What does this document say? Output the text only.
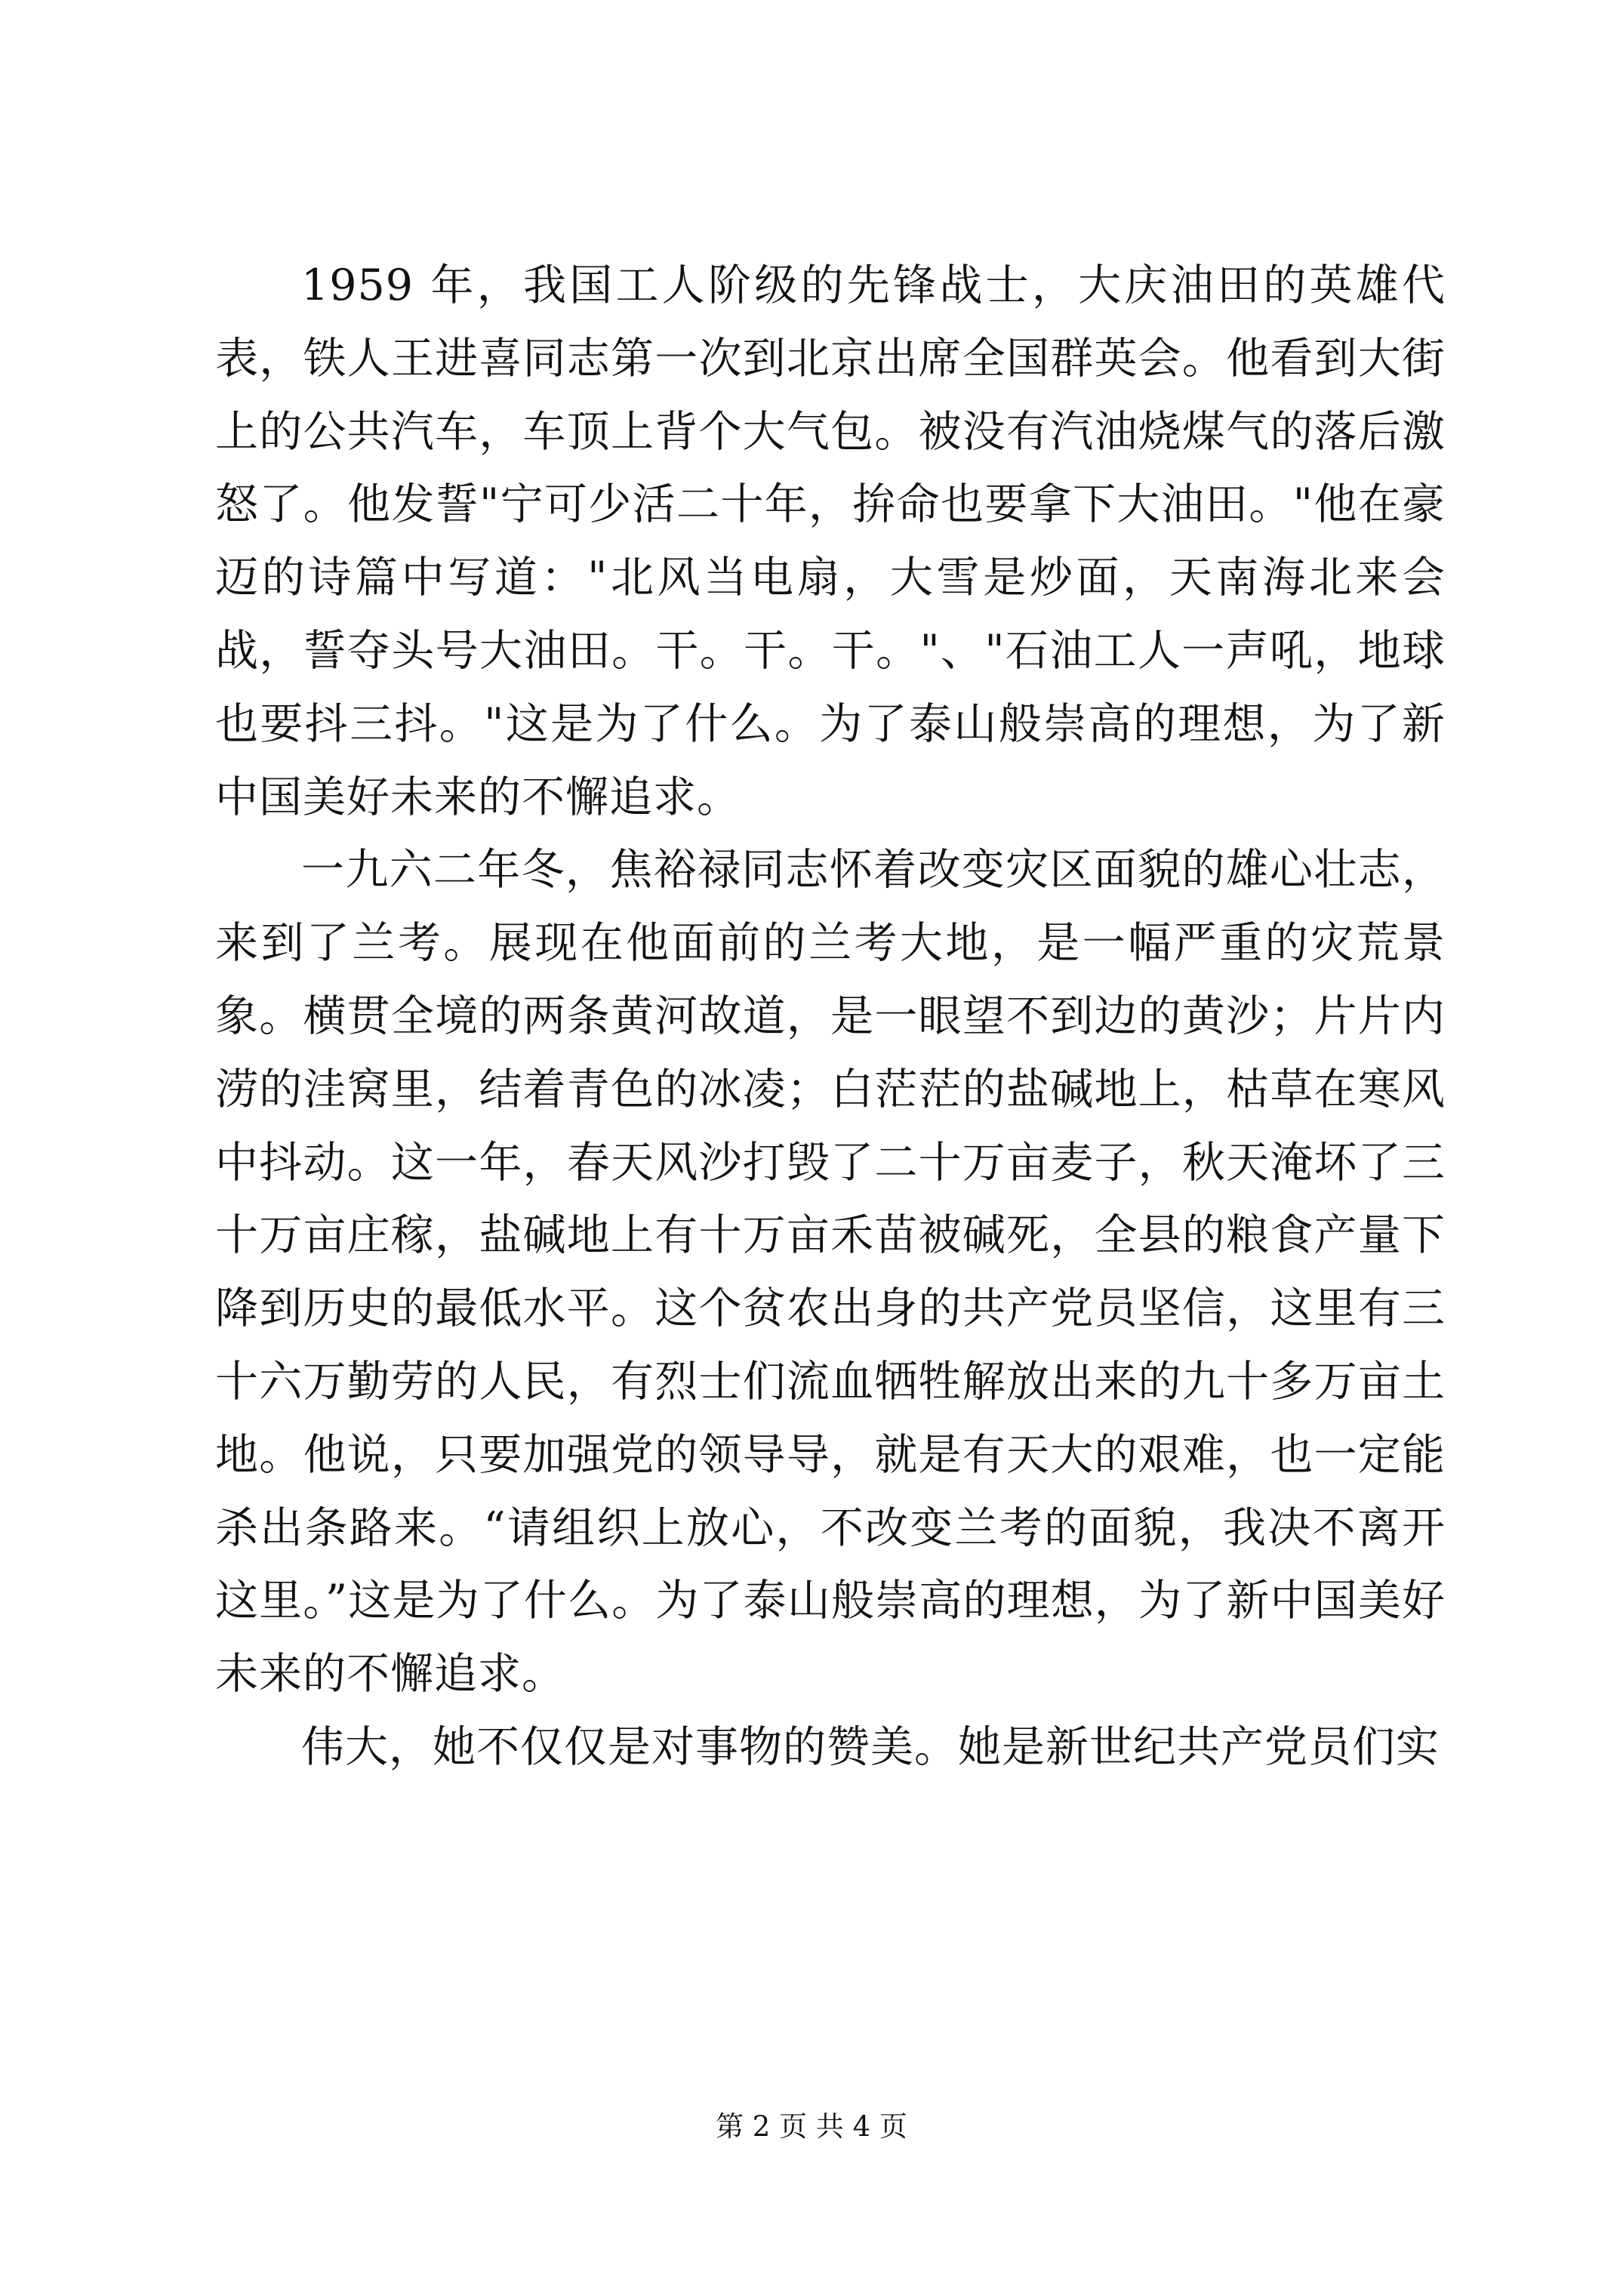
1959 年，我国工人阶级的先锋战士，大庆油田的英雄代表，铁人王进喜同志第一次到北京出席全国群英会。他看到大街上的公共汽车，车顶上背个大气包。被没有汽油烧煤气的落后激怒了。他发誓"宁可少活二十年，拚命也要拿下大油田。"他在豪迈的诗篇中写道："北风当电扇，大雪是炒面，天南海北来会战，誓夺头号大油田。干。干。干。"、"石油工人一声吼，地球也要抖三抖。"这是为了什么。为了泰山般崇高的理想，为了新中国美好未来的不懈追求。

一九六二年冬，焦裕禄同志怀着改变灾区面貌的雄心壮志，来到了兰考。展现在他面前的兰考大地，是一幅严重的灾荒景象。横贯全境的两条黄河故道，是一眼望不到边的黄沙；片片内涝的洼窝里，结着青色的冰凌；白茫茫的盐碱地上，枯草在寒风中抖动。这一年，春天风沙打毁了二十万亩麦子，秋天淹坏了三十万亩庄稼，盐碱地上有十万亩禾苗被碱死，全县的粮食产量下降到历史的最低水平。这个贫农出身的共产党员坚信，这里有三十六万勤劳的人民，有烈士们流血牺牲解放出来的九十多万亩土地。他说，只要加强党的领导导，就是有天大的艰难，也一定能杀出条路来。“请组织上放心，不改变兰考的面貌，我决不离开这里。”这是为了什么。为了泰山般崇高的理想，为了新中国美好未来的不懈追求。

伟大，她不仅仅是对事物的赞美。她是新世纪共产党员们实

第 2 页 共 4 页
